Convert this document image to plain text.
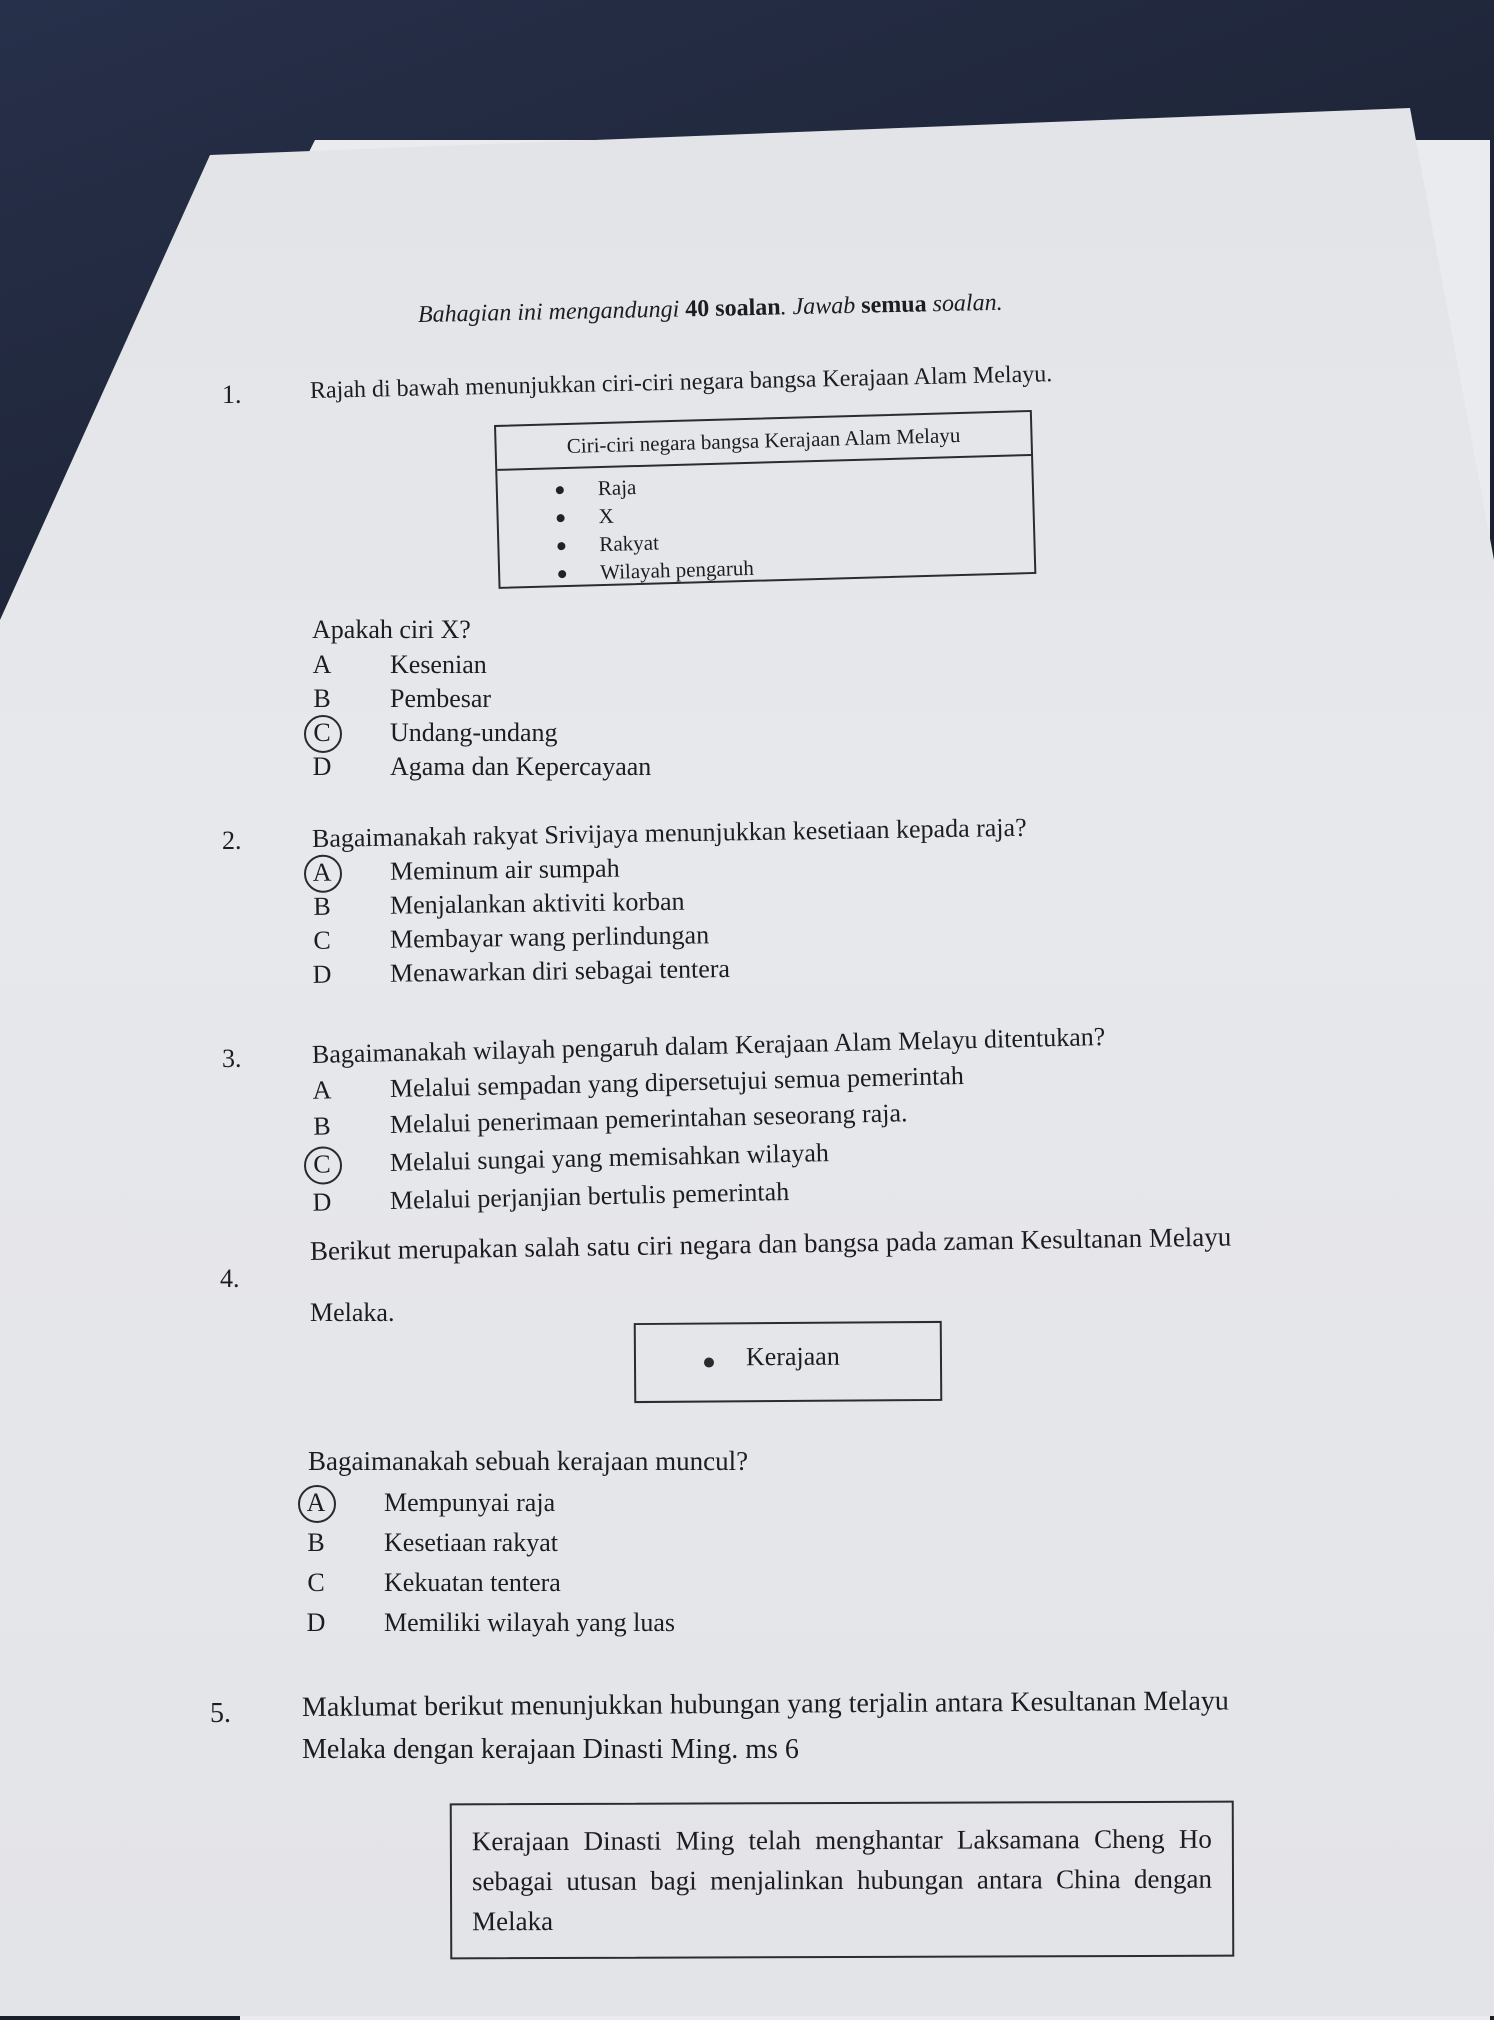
Bahagian ini mengandungi 40 soalan. Jawab semua soalan.
1.	Rajah di bawah menunjukkan ciri-ciri negara bangsa Kerajaan Alam Melayu.
Ciri-ciri negara bangsa Kerajaan Alam Melayu
Raja
X
Rakyat
Wilayah pengaruh
Apakah ciri X?
A Kesenian
B Pembesar
C Undang-undang
D Agama dan Kepercayaan
2.	Bagaimanakah rakyat Srivijaya menunjukkan kesetiaan kepada raja?
A Meminum air sumpah
B Menjalankan aktiviti korban
C Membayar wang perlindungan
D Menawarkan diri sebagai tentera
3.	Bagaimanakah wilayah pengaruh dalam Kerajaan Alam Melayu ditentukan?
A Melalui sempadan yang dipersetujui semua pemerintah
B Melalui penerimaan pemerintahan seseorang raja.
C Melalui sungai yang memisahkan wilayah
D Melalui perjanjian bertulis pemerintah
4.
Berikut merupakan salah satu ciri negara dan bangsa pada zaman Kesultanan Melayu
Melaka.
Kerajaan
Bagaimanakah sebuah kerajaan muncul?
A Mempunyai raja
B Kesetiaan rakyat
C Kekuatan tentera
D Memiliki wilayah yang luas
5.	Maklumat berikut menunjukkan hubungan yang terjalin antara Kesultanan Melayu
Melaka dengan kerajaan Dinasti Ming. ms 6
Kerajaan Dinasti Ming telah menghantar Laksamana Cheng Ho sebagai utusan bagi menjalinkan hubungan antara China dengan Melaka
